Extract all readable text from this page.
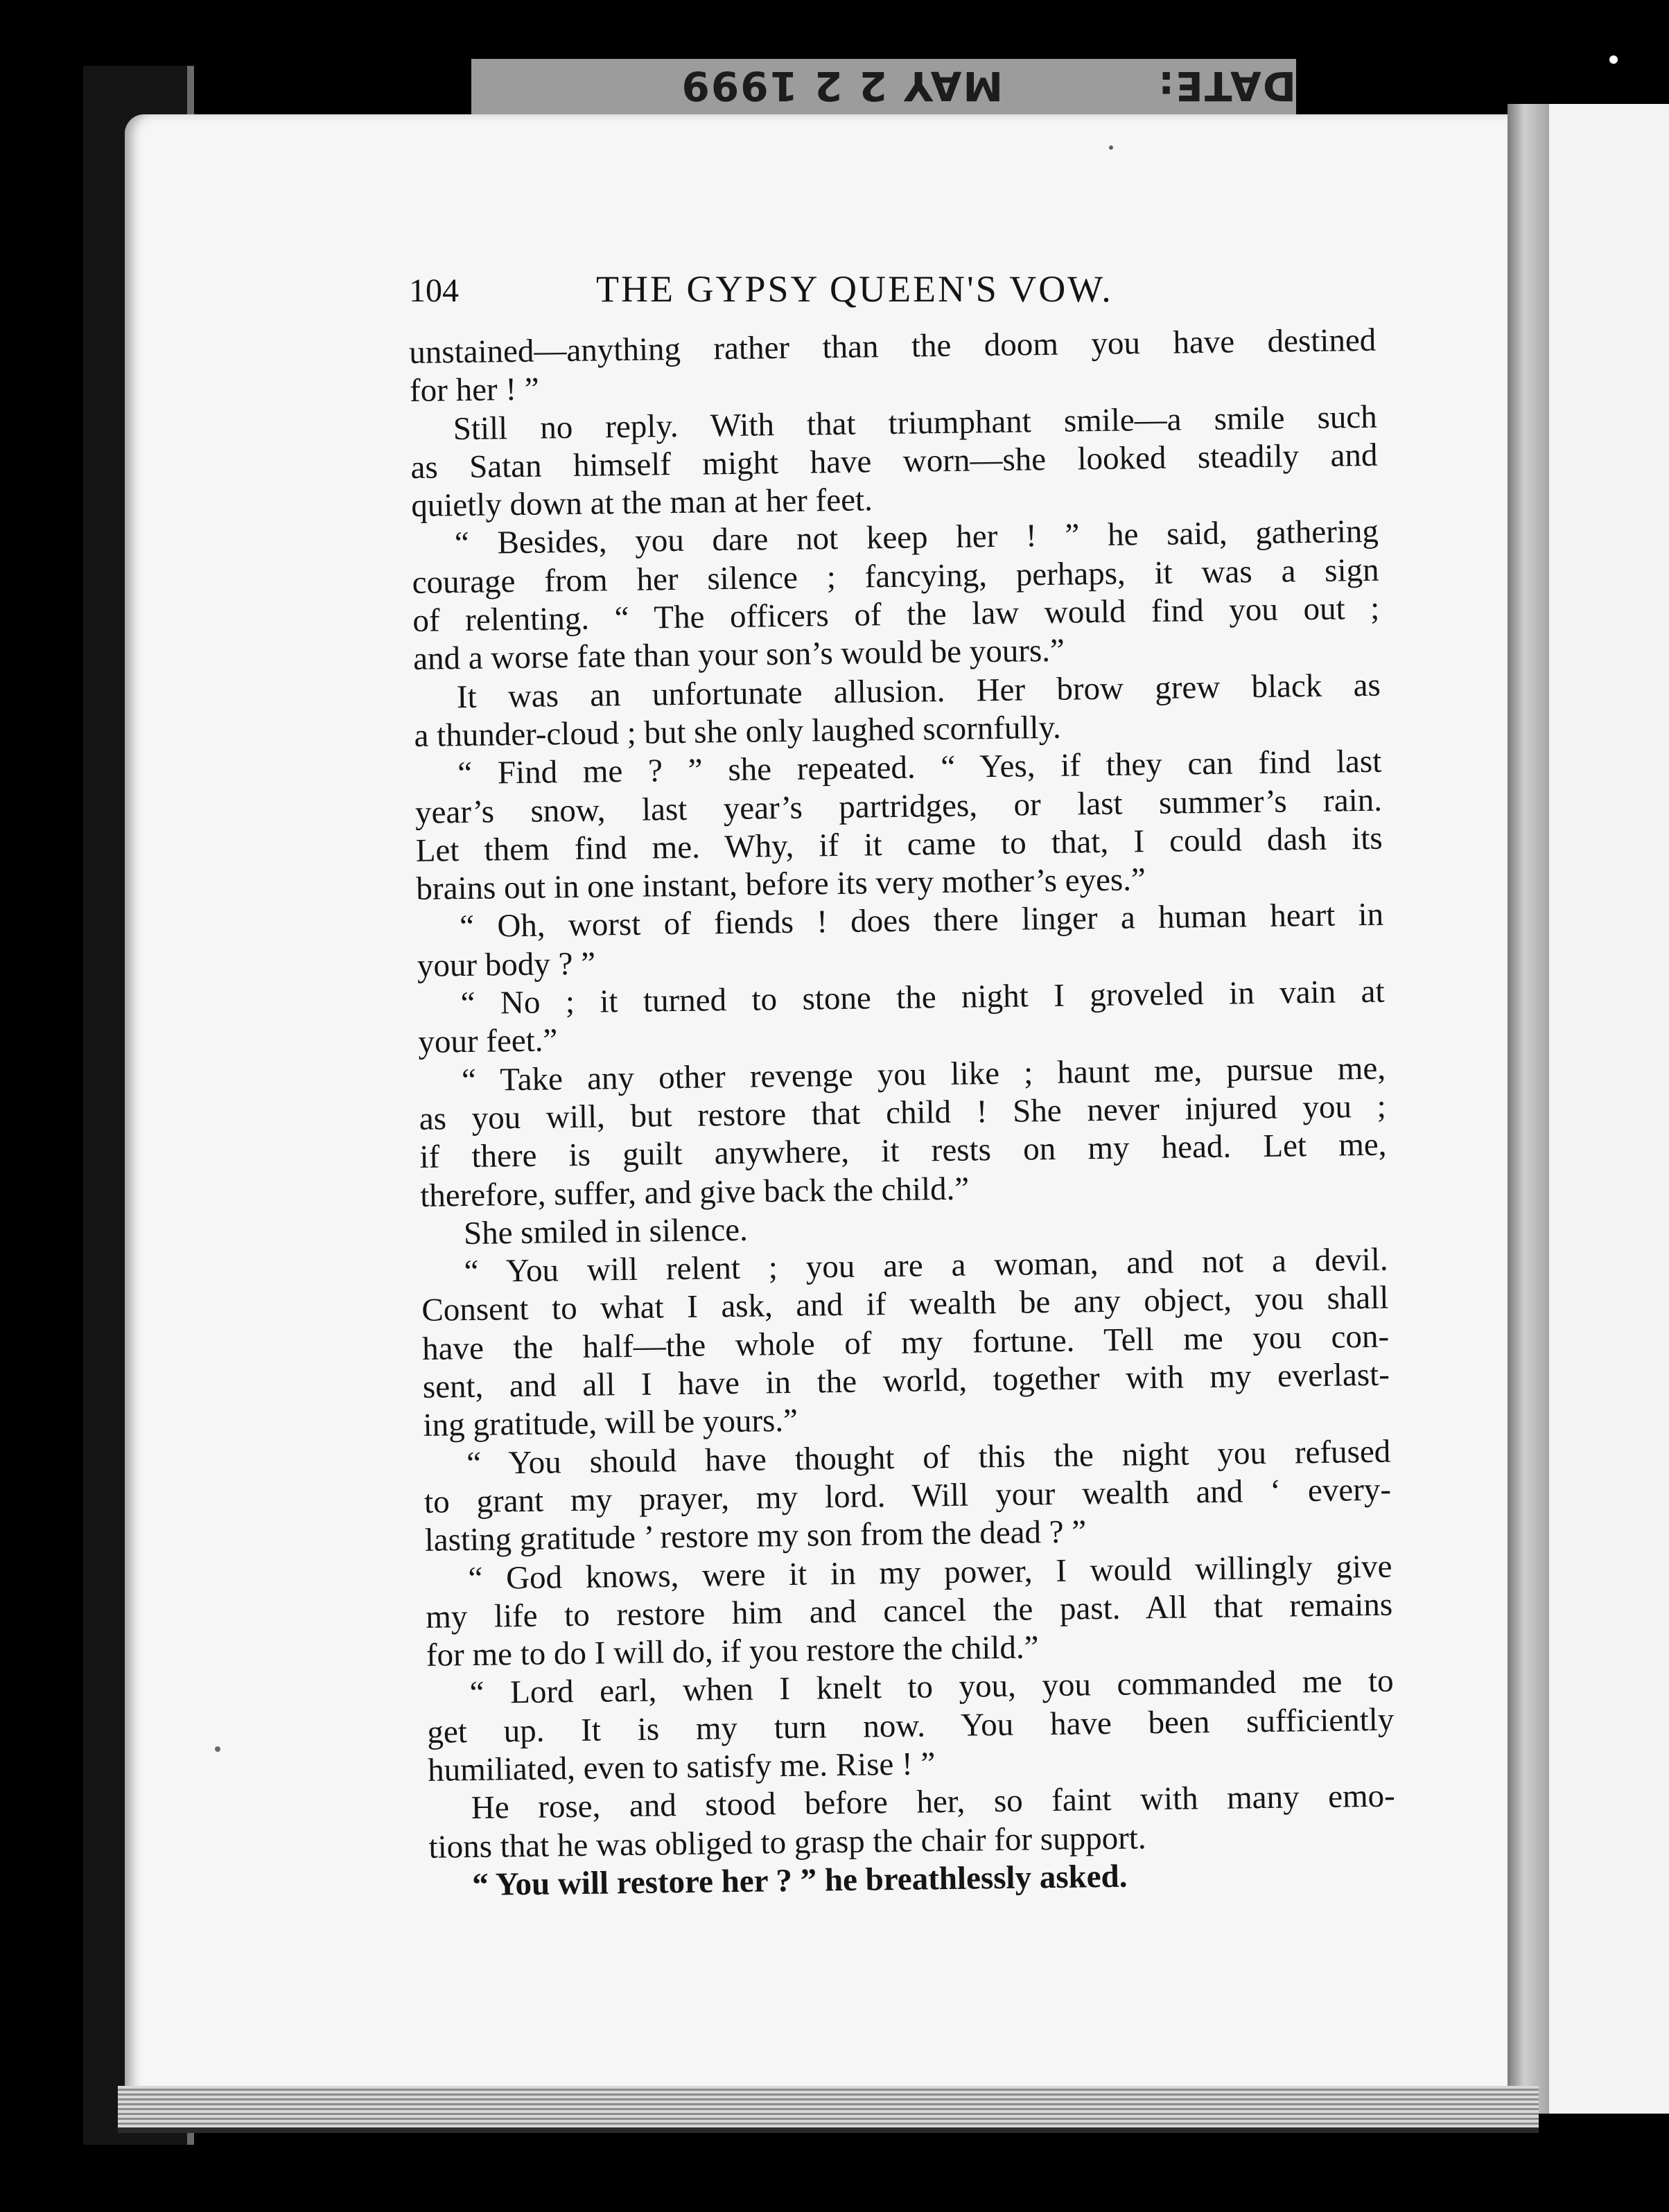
DATE:          MAY 2 2 1999
104	THE GYPSY QUEEN'S VOW.
unstained—anything rather than the doom you have destined
for her ! ”
Still no reply. With that triumphant smile—a smile such
as Satan himself might have worn—she looked steadily and
quietly down at the man at her feet.
“ Besides, you dare not keep her ! ” he said, gathering
courage from her silence ; fancying, perhaps, it was a sign
of relenting. “ The officers of the law would find you out ;
and a worse fate than your son’s would be yours.”
It was an unfortunate allusion. Her brow grew black as
a thunder-cloud ; but she only laughed scornfully.
“ Find me ? ” she repeated. “ Yes, if they can find last
year’s snow, last year’s partridges, or last summer’s rain.
Let them find me. Why, if it came to that, I could dash its
brains out in one instant, before its very mother’s eyes.”
“ Oh, worst of fiends ! does there linger a human heart in
your body ? ”
“ No ; it turned to stone the night I groveled in vain at
your feet.”
“ Take any other revenge you like ; haunt me, pursue me,
as you will, but restore that child ! She never injured you ;
if there is guilt anywhere, it rests on my head. Let me,
therefore, suffer, and give back the child.”
She smiled in silence.
“ You will relent ; you are a woman, and not a devil.
Consent to what I ask, and if wealth be any object, you shall
have the half—the whole of my fortune. Tell me you con-
sent, and all I have in the world, together with my everlast-
ing gratitude, will be yours.”
“ You should have thought of this the night you refused
to grant my prayer, my lord. Will your wealth and ‘ every-
lasting gratitude ’ restore my son from the dead ? ”
“ God knows, were it in my power, I would willingly give
my life to restore him and cancel the past. All that remains
for me to do I will do, if you restore the child.”
“ Lord earl, when I knelt to you, you commanded me to
get up. It is my turn now. You have been sufficiently
humiliated, even to satisfy me. Rise ! ”
He rose, and stood before her, so faint with many emo-
tions that he was obliged to grasp the chair for support.
“ You will restore her ? ” he breathlessly asked.
